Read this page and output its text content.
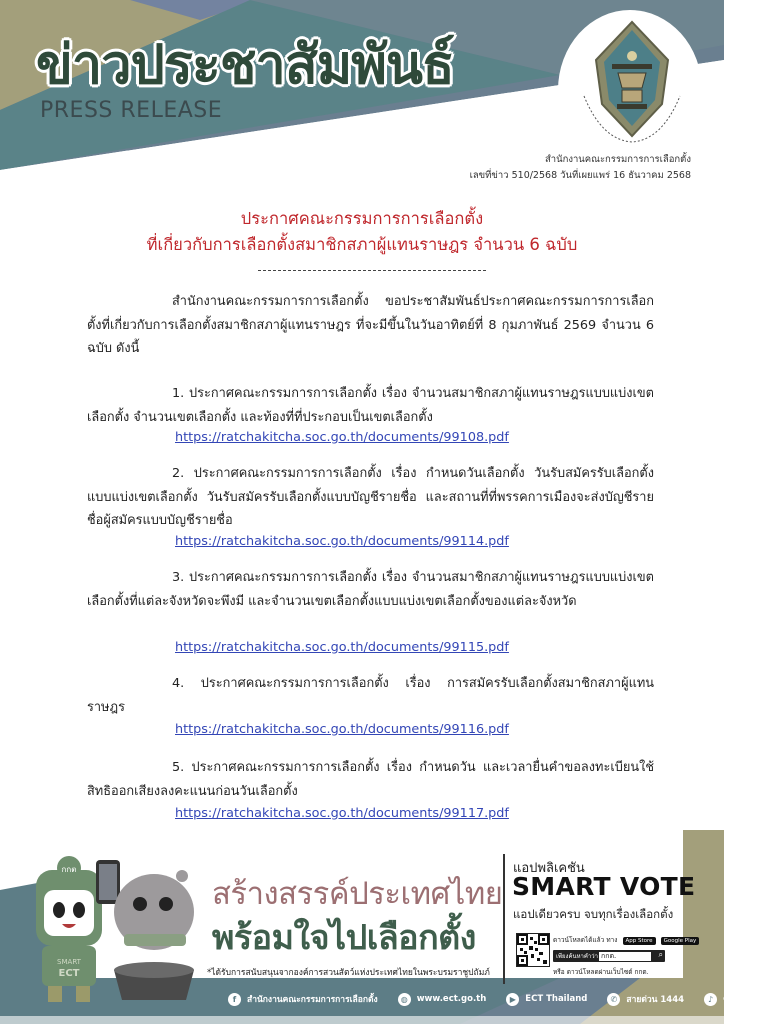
ข่าวประชาสัมพันธ์
PRESS RELEASE
สำนักงานคณะกรรมการการเลือกตั้ง
เลขที่ข่าว 510/2568 วันที่เผยแพร่ 16 ธันวาคม 2568
ประกาศคณะกรรมการการเลือกตั้ง
ที่เกี่ยวกับการเลือกตั้งสมาชิกสภาผู้แทนราษฎร จำนวน 6 ฉบับ
สำนักงานคณะกรรมการการเลือกตั้ง ขอประชาสัมพันธ์ประกาศคณะกรรมการการเลือกตั้งที่เกี่ยวกับการเลือกตั้งสมาชิกสภาผู้แทนราษฎร ที่จะมีขึ้นในวันอาทิตย์ที่ 8 กุมภาพันธ์ 2569 จำนวน 6 ฉบับ ดังนี้
1. ประกาศคณะกรรมการการเลือกตั้ง เรื่อง จำนวนสมาชิกสภาผู้แทนราษฎรแบบแบ่งเขตเลือกตั้ง จำนวนเขตเลือกตั้ง และท้องที่ที่ประกอบเป็นเขตเลือกตั้ง
https://ratchakitcha.soc.go.th/documents/99108.pdf
2. ประกาศคณะกรรมการการเลือกตั้ง เรื่อง กำหนดวันเลือกตั้ง วันรับสมัครรับเลือกตั้งแบบแบ่งเขตเลือกตั้ง วันรับสมัครรับเลือกตั้งแบบบัญชีรายชื่อ และสถานที่ที่พรรคการเมืองจะส่งบัญชีรายชื่อผู้สมัครแบบบัญชีรายชื่อ
https://ratchakitcha.soc.go.th/documents/99114.pdf
3. ประกาศคณะกรรมการการเลือกตั้ง เรื่อง จำนวนสมาชิกสภาผู้แทนราษฎรแบบแบ่งเขตเลือกตั้งที่แต่ละจังหวัดจะพึงมี และจำนวนเขตเลือกตั้งแบบแบ่งเขตเลือกตั้งของแต่ละจังหวัด
https://ratchakitcha.soc.go.th/documents/99115.pdf
4. ประกาศคณะกรรมการการเลือกตั้ง เรื่อง การสมัครรับเลือกตั้งสมาชิกสภาผู้แทนราษฎร
https://ratchakitcha.soc.go.th/documents/99116.pdf
5. ประกาศคณะกรรมการการเลือกตั้ง เรื่อง กำหนดวัน และเวลายื่นคำขอลงทะเบียนใช้สิทธิออกเสียงลงคะแนนก่อนวันเลือกตั้ง
https://ratchakitcha.soc.go.th/documents/99117.pdf
กกต
SMART
ECT
สร้างสรรค์ประเทศไทย
พร้อมใจไปเลือกตั้ง
*ได้รับการสนับสนุนจากองค์การสวนสัตว์แห่งประเทศไทยในพระบรมราชูปถัมภ์
แอปพลิเคชัน
SMART VOTE
แอปเดียวครบ จบทุกเรื่องเลือกตั้ง
ดาวน์โหลดได้แล้ว ทาง App Store Google Play
เพียงค้นหาคำว่า กกต.	⌕
หรือ ดาวน์โหลดผ่านเว็บไซต์ กกต.
f	สำนักงานคณะกรรมการการเลือกตั้ง	◍	www.ect.go.th	▶	ECT Thailand	✆	สายด่วน 1444	♪	ect.thailand
